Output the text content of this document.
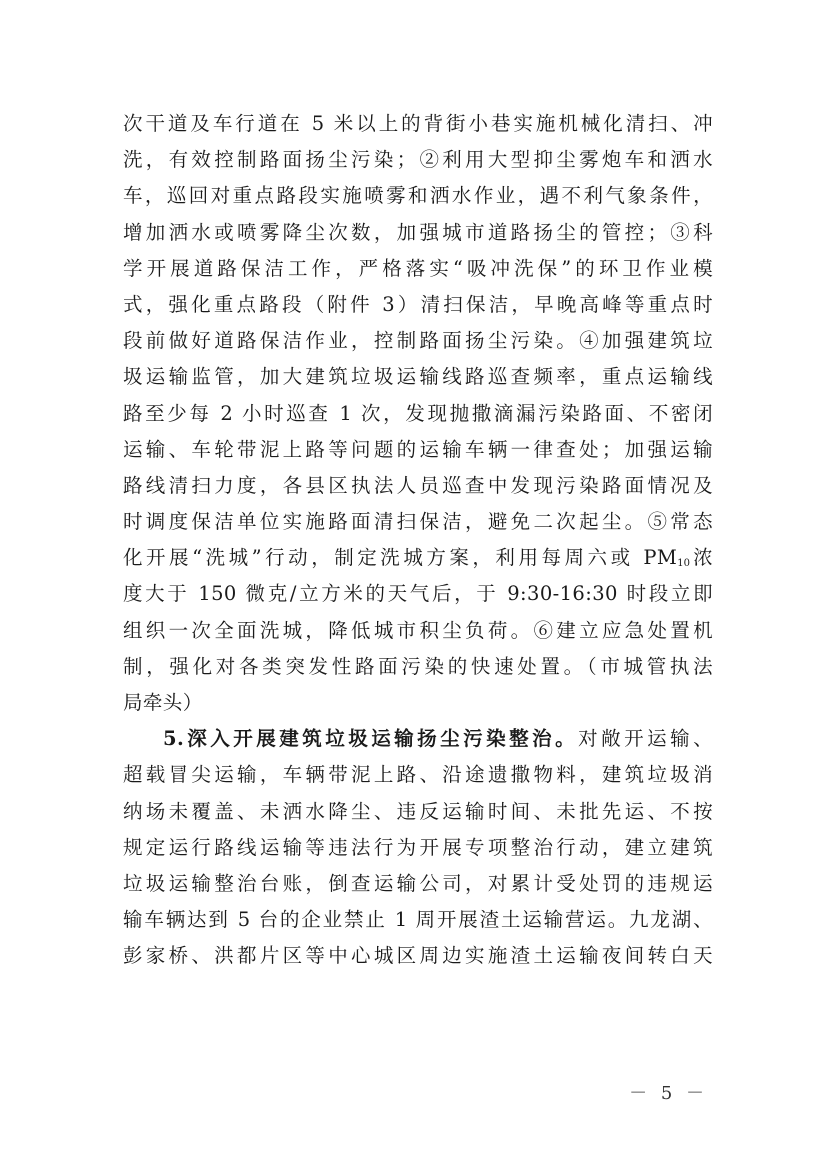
次干道及车行道在 5 米以上的背街小巷实施机械化清扫、冲
洗，有效控制路面扬尘污染；②利用大型抑尘雾炮车和洒水
车，巡回对重点路段实施喷雾和洒水作业，遇不利气象条件，
增加洒水或喷雾降尘次数，加强城市道路扬尘的管控；③科
学开展道路保洁工作，严格落实“吸冲洗保”的环卫作业模
式，强化重点路段（附件 3）清扫保洁，早晚高峰等重点时
段前做好道路保洁作业，控制路面扬尘污染。④加强建筑垃
圾运输监管，加大建筑垃圾运输线路巡查频率，重点运输线
路至少每 2 小时巡查 1 次，发现抛撒滴漏污染路面、不密闭
运输、车轮带泥上路等问题的运输车辆一律查处；加强运输
路线清扫力度，各县区执法人员巡查中发现污染路面情况及
时调度保洁单位实施路面清扫保洁，避免二次起尘。⑤常态
化开展“洗城”行动，制定洗城方案，利用每周六或 $PM_{10}$浓
度大于 150 微克/立方米的天气后，于 9:30-16:30 时段立即
组织一次全面洗城，降低城市积尘负荷。⑥建立应急处置机
制，强化对各类突发性路面污染的快速处置。（市城管执法
局牵头）
5.深入开展建筑垃圾运输扬尘污染整治。对敞开运输、
超载冒尖运输，车辆带泥上路、沿途遗撒物料，建筑垃圾消
纳场未覆盖、未洒水降尘、违反运输时间、未批先运、不按
规定运行路线运输等违法行为开展专项整治行动，建立建筑
垃圾运输整治台账，倒查运输公司，对累计受处罚的违规运
输车辆达到 5 台的企业禁止 1 周开展渣土运输营运。九龙湖、
彭家桥、洪都片区等中心城区周边实施渣土运输夜间转白天
－ 5 －
